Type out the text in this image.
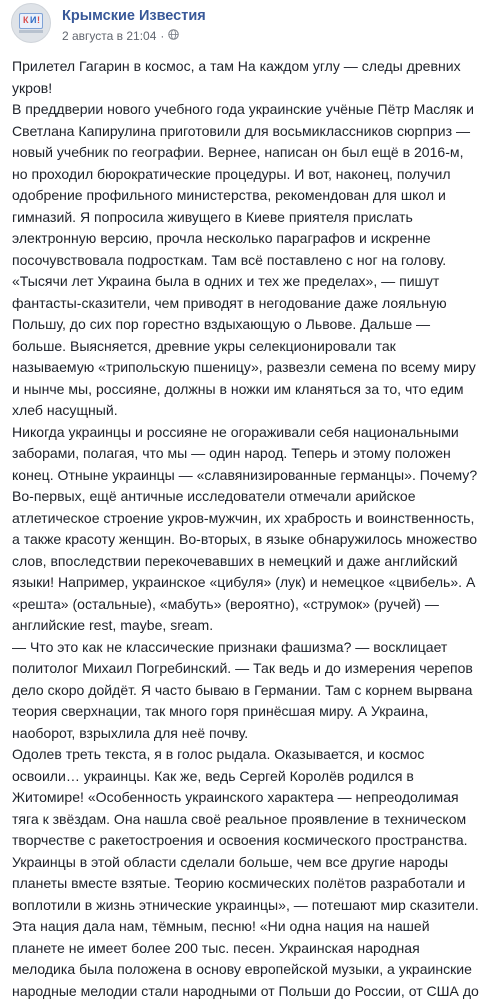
К И ! Крымские Известия
2 августа в 21:04 ·

Прилетел Гагарин в космос, а там На каждом углу — следы древних

укров!

В преддверии нового учебного года украинские учёные Пётр Масляк и

Светлана Капирулина приготовили для восьмиклассников сюрприз —

новый учебник по географии. Вернее, написан он был ещё в 2016-м,

но проходил бюрократические процедуры. И вот, наконец, получил

одобрение профильного министерства, рекомендован для школ и

гимназий. Я попросила живущего в Киеве приятеля прислать

электронную версию, прочла несколько параграфов и искренне

посочувствовала подросткам. Там всё поставлено с ног на голову.

«Тысячи лет Украина была в одних и тех же пределах», — пишут

фантасты-сказители, чем приводят в негодование даже лояльную

Польшу, до сих пор горестно вздыхающую о Львове. Дальше —

больше. Выясняется, древние укры селекционировали так

называемую «трипольскую пшеницу», развезли семена по всему миру

и нынче мы, россияне, должны в ножки им кланяться за то, что едим

хлеб насущный.

Никогда украинцы и россияне не огораживали себя национальными

заборами, полагая, что мы — один народ. Теперь и этому положен

конец. Отныне украинцы — «славянизированные германцы». Почему?

Во-первых, ещё античные исследователи отмечали арийское

атлетическое строение укров-мужчин, их храбрость и воинственность,

а также красоту женщин. Во-вторых, в языке обнаружилось множество

слов, впоследствии перекочевавших в немецкий и даже английский

языки! Например, украинское «цибуля» (лук) и немецкое «цвибель». А

«решта» (остальные), «мабуть» (вероятно), «струмок» (ручей) —

английские rest, maybe, sream.

— Что это как не классические признаки фашизма? — восклицает

политолог Михаил Погребинский. — Так ведь и до измерения черепов

дело скоро дойдёт. Я часто бываю в Германии. Там с корнем вырвана

теория сверхнации, так много горя принёсшая миру. А Украина,

наоборот, взрыхлила для неё почву.

Одолев треть текста, я в голос рыдала. Оказывается, и космос

освоили… украинцы. Как же, ведь Сергей Королёв родился в

Житомире! «Особенность украинского характера — непреодолимая

тяга к звёздам. Она нашла своё реальное проявление в техническом

творчестве с ракетостроения и освоения космического пространства.

Украинцы в этой области сделали больше, чем все другие народы

планеты вместе взятые. Теорию космических полётов разработали и

воплотили в жизнь этнические украинцы», — потешают мир сказители.

Эта нация дала нам, тёмным, песню! «Ни одна нация на нашей

планете не имеет более 200 тыс. песен. Украинская народная

мелодика была положена в основу европейской музыки, а украинские

народные мелодии стали народными от Польши до России, от США до
